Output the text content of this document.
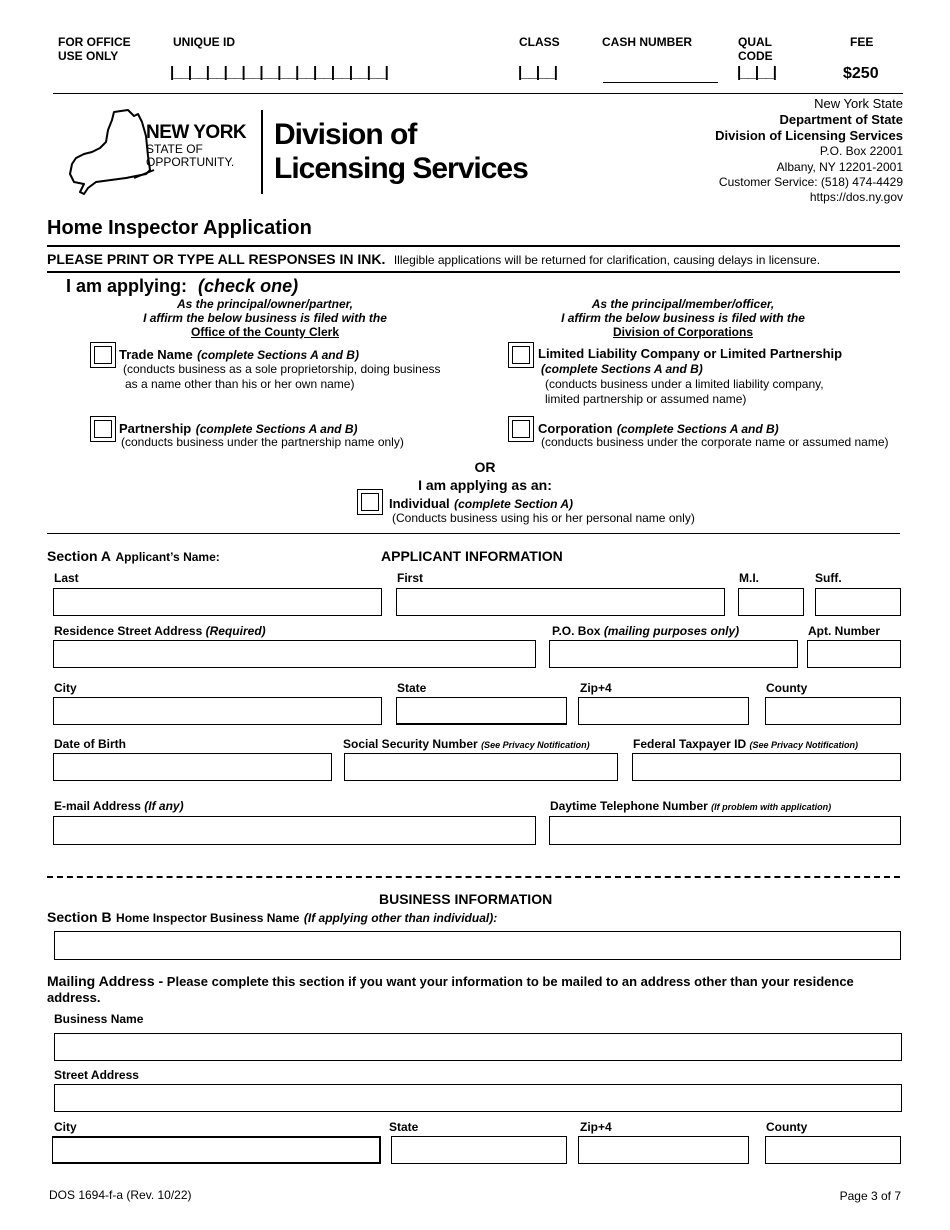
FOR OFFICE USE ONLY
UNIQUE ID
|__|__|__|__|__|__|__|__|__|__|__|__|
CLASS
|__|__|
CASH NUMBER	QUAL CODE
|__|__|
FEE
$250
NEW YORK
STATE OF
OPPORTUNITY.
Division of
Licensing Services
New York State
Department of State
Division of Licensing Services
P.O. Box 22001
Albany, NY 12201-2001
Customer Service: (518) 474-4429
https://dos.ny.gov
Home Inspector Application
PLEASE PRINT OR TYPE ALL RESPONSES IN INK. Illegible applications will be returned for clarification, causing delays in licensure.
I am applying: (check one)
As the principal/owner/partner,
I affirm the below business is filed with the
Office of the County Clerk
As the principal/member/officer,
I affirm the below business is filed with the
Division of Corporations
Trade Name (complete Sections A and B)
(conducts business as a sole proprietorship, doing business
as a name other than his or her own name)
Limited Liability Company or Limited Partnership
(complete Sections A and B)
(conducts business under a limited liability company,
limited partnership or assumed name)
Partnership (complete Sections A and B)
(conducts business under the partnership name only)
Corporation (complete Sections A and B)
(conducts business under the corporate name or assumed name)
OR
I am applying as an:
Individual (complete Section A)
(Conducts business using his or her personal name only)
Section A Applicant’s Name:	APPLICANT INFORMATION
Last	First	M.I.	Suff.
Residence Street Address (Required)	P.O. Box (mailing purposes only)	Apt. Number
City	State	Zip+4	County
Date of Birth	Social Security Number (See Privacy Notification)	Federal Taxpayer ID (See Privacy Notification)
E-mail Address (If any)	Daytime Telephone Number (If problem with application)
BUSINESS INFORMATION
Section B Home Inspector Business Name (If applying other than individual):
Mailing Address - Please complete this section if you want your information to be mailed to an address other than your residence address.
Business Name
Street Address
City	State	Zip+4	County
DOS 1694-f-a (Rev. 10/22)	Page 3 of 7
